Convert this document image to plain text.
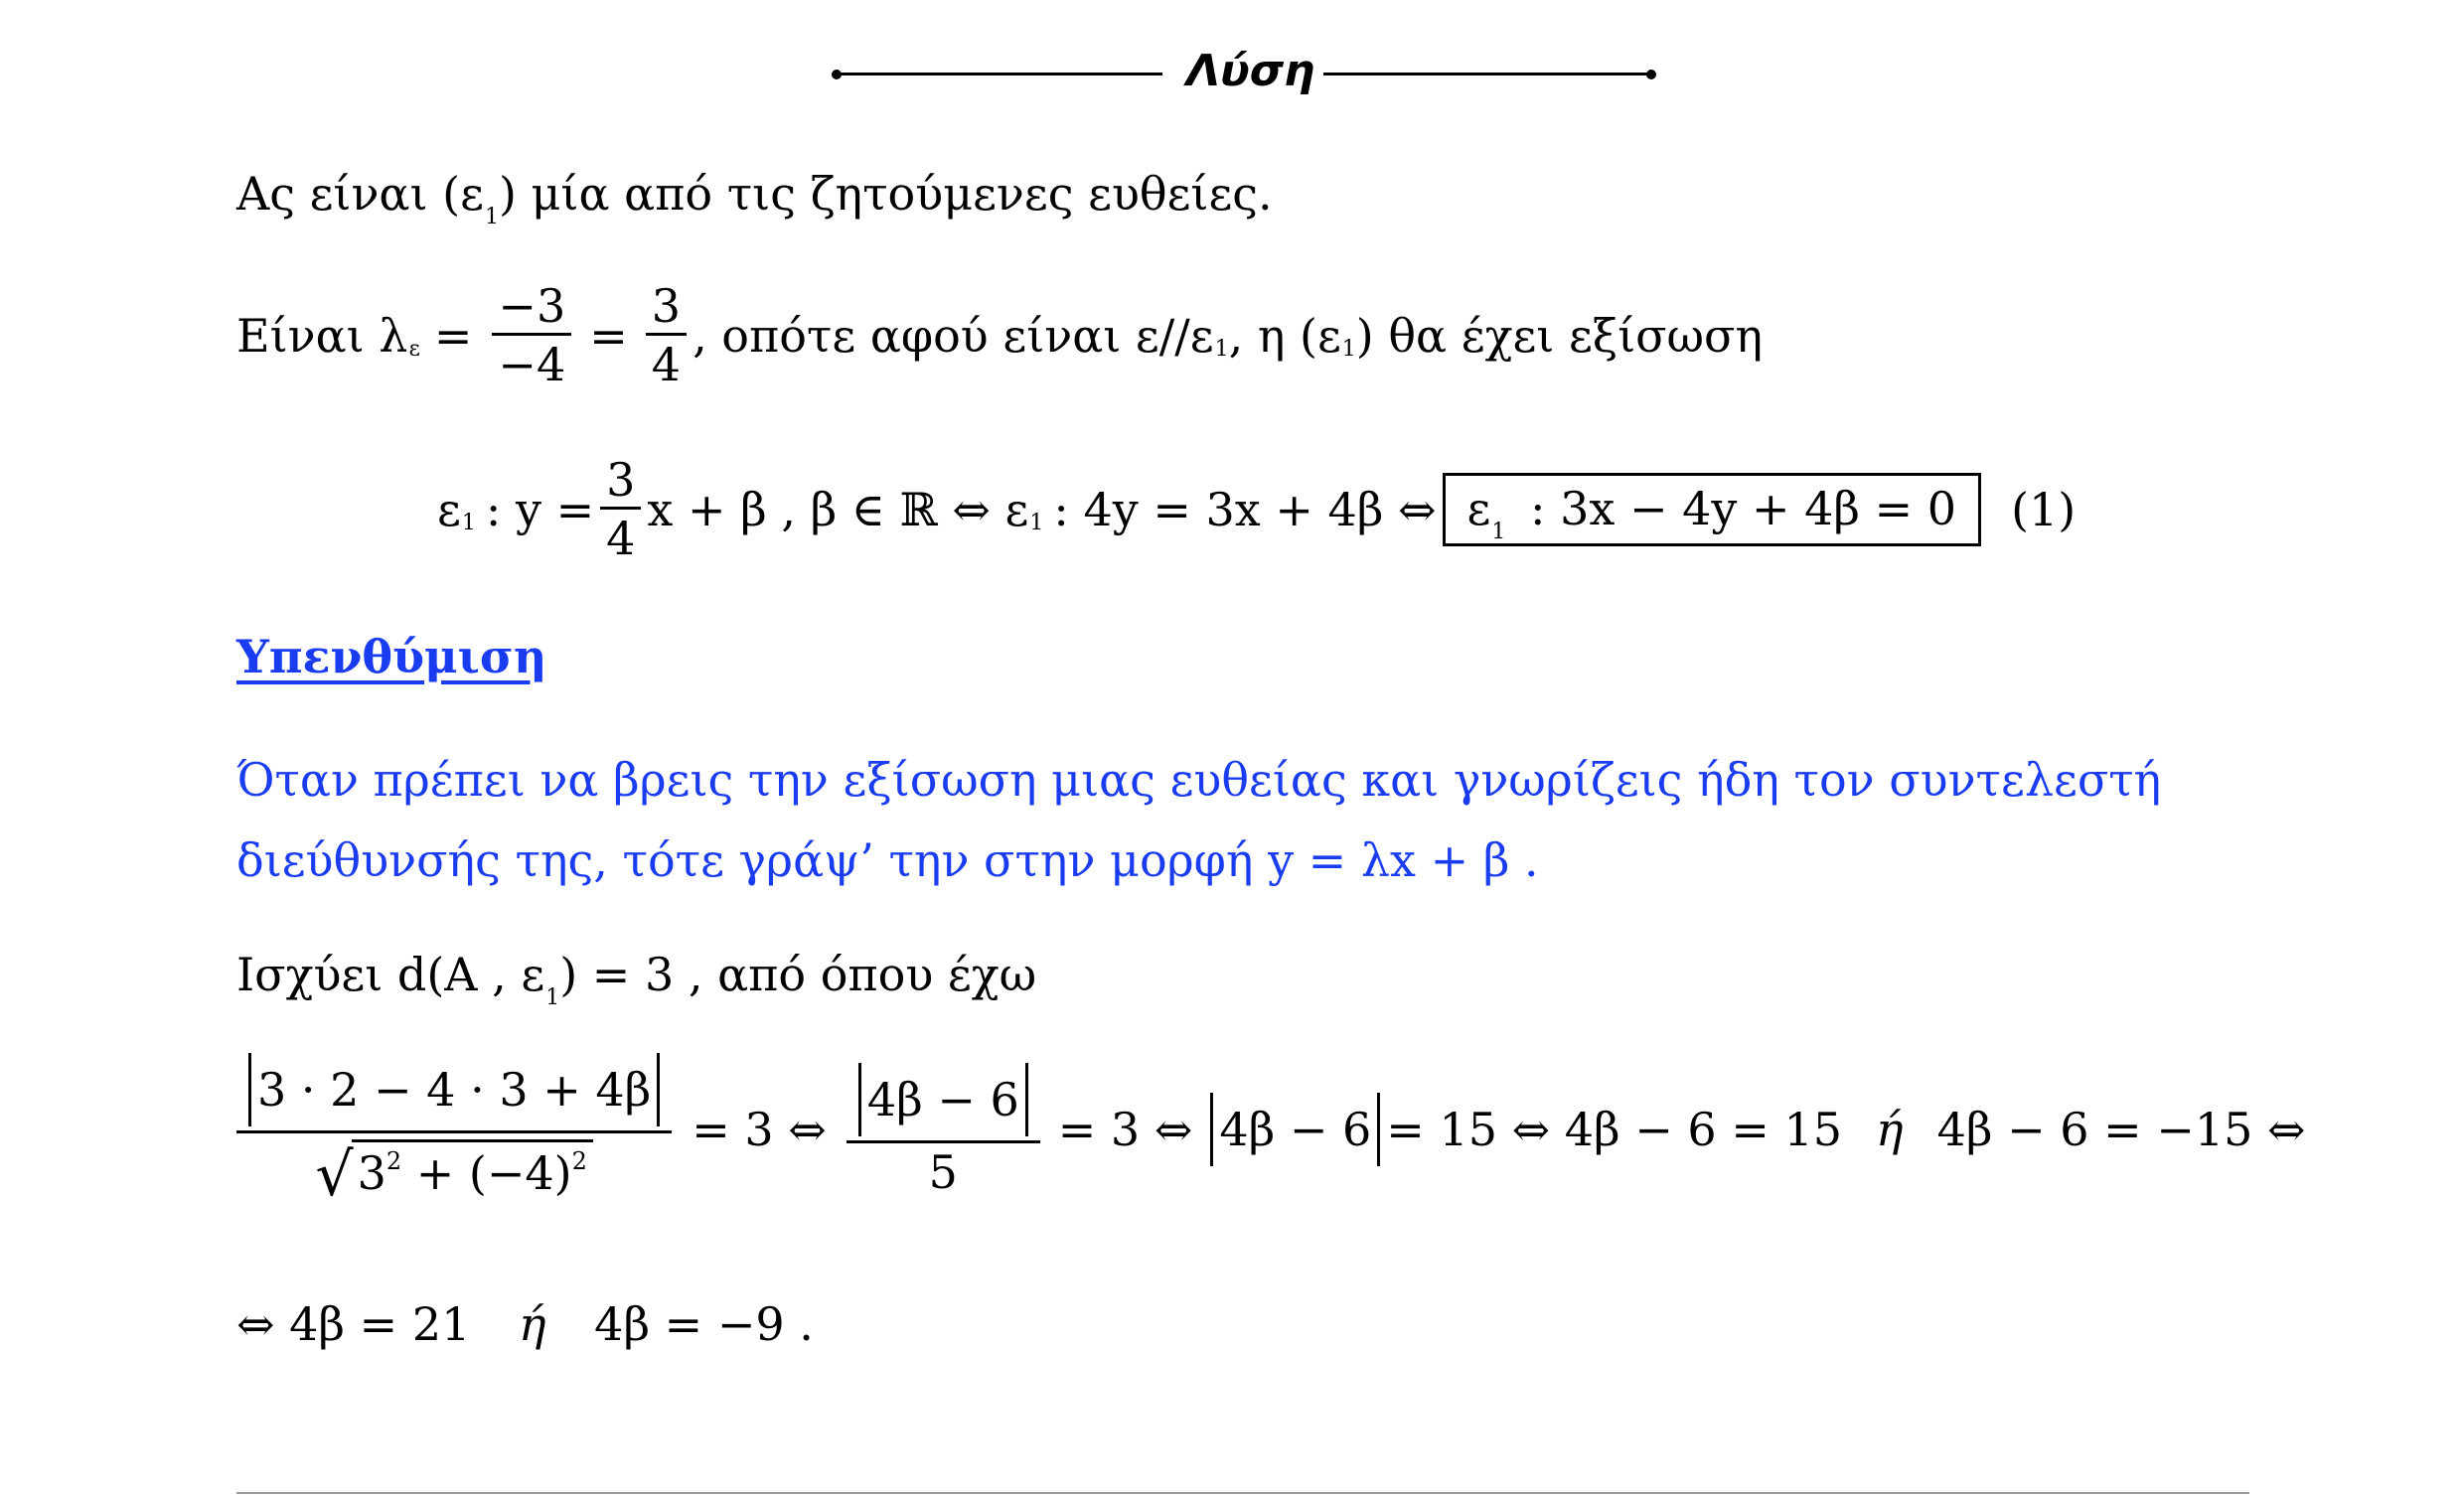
Λύση
Ας είναι $(\varepsilon_1)$ μία από τις ζητούμενες ευθείες.
Είναι λ $\varepsilon = \frac{-3}{-4} = \frac{3}{4}$ , οπότε αφού είναι ε//ε 1 , η (ε 1 ) θα έχει εξίσωση
ε 1 : $y = \frac{3}{4}$ x + β , β ∈ ℝ ⇔ ε 1 : 4y = 3x + 4β ⇔ $\varepsilon_1$ : 3x − 4y + 4β = 0	(1)
Υπενθύμιση
Όταν πρέπει να βρεις την εξίσωση μιας ευθείας και γνωρίζεις ήδη τον συντελεστή
διεύθυνσής της, τότε γράψ’ την στην μορφή y = λx + β .
Ισχύει d(A , $\varepsilon_1) = 3$ , από όπου έχω
$\frac{3 \cdot 2 - 4 \cdot 3 + 4\beta}{√3^2 + (-4)^2} = 3$ ⇔ $\frac{4\beta - 6}{5} = 3$ ⇔ 4β − 6 = 15 ⇔ 4β − 6 = 15 ή 4β − 6 = −15 ⇔
⇔ 4β = 21 ή 4β = −9 .
